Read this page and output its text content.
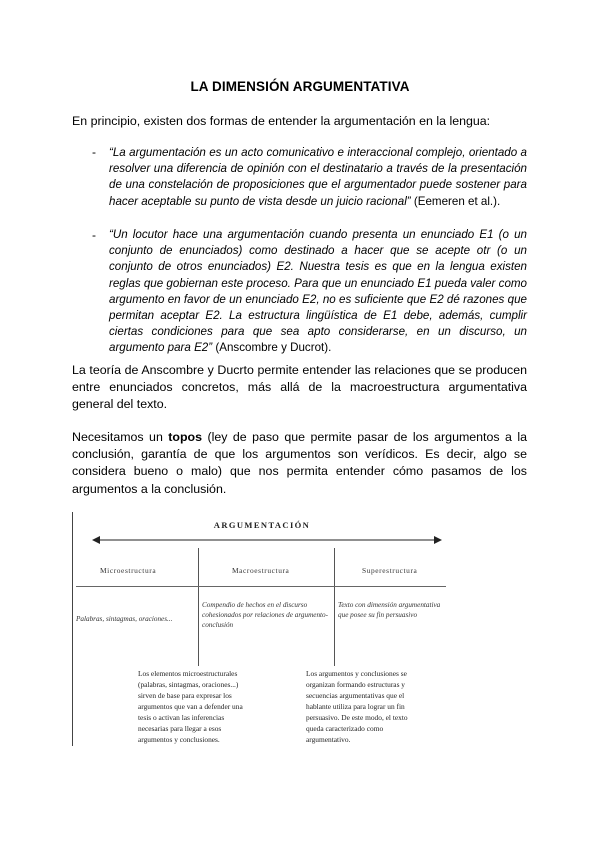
LA DIMENSIÓN ARGUMENTATIVA
En principio, existen dos formas de entender la argumentación en la lengua:
- “La argumentación es un acto comunicativo e interaccional complejo, orientado a resolver una diferencia de opinión con el destinatario a través de la presentación de una constelación de proposiciones que el argumentador puede sostener para hacer aceptable su punto de vista desde un juicio racional” (Eemeren et al.).
- “Un locutor hace una argumentación cuando presenta un enunciado E1 (o un conjunto de enunciados) como destinado a hacer que se acepte otr (o un conjunto de otros enunciados) E2. Nuestra tesis es que en la lengua existen reglas que gobiernan este proceso. Para que un enunciado E1 pueda valer como argumento en favor de un enunciado E2, no es suficiente que E2 dé razones que permitan aceptar E2. La estructura lingüística de E1 debe, además, cumplir ciertas condiciones para que sea apto considerarse, en un discurso, un argumento para E2” (Anscombre y Ducrot).
La teoría de Anscombre y Ducrto permite entender las relaciones que se producen entre enunciados concretos, más allá de la macroestructura argumentativa general del texto.
Necesitamos un topos (ley de paso que permite pasar de los argumentos a la conclusión, garantía de que los argumentos son verídicos. Es decir, algo se considera bueno o malo) que nos permita entender cómo pasamos de los argumentos a la conclusión.
ARGUMENTACIÓN
Microestructura	Macroestructura	Superestructura
Palabras, sintagmas, oraciones...
Compendio de hechos en el discurso cohesionados por relaciones de argumento-conclusión
Texto con dimensión argumentativa que posee su fin persuasivo
Los elementos microestructurales (palabras, sintagmas, oraciones...) sirven de base para expresar los argumentos que van a defender una tesis o activan las inferencias necesarias para llegar a esos argumentos y conclusiones.
Los argumentos y conclusiones se organizan formando estructuras y secuencias argumentativas que el hablante utiliza para lograr un fin persuasivo. De este modo, el texto queda caracterizado como argumentativo.
